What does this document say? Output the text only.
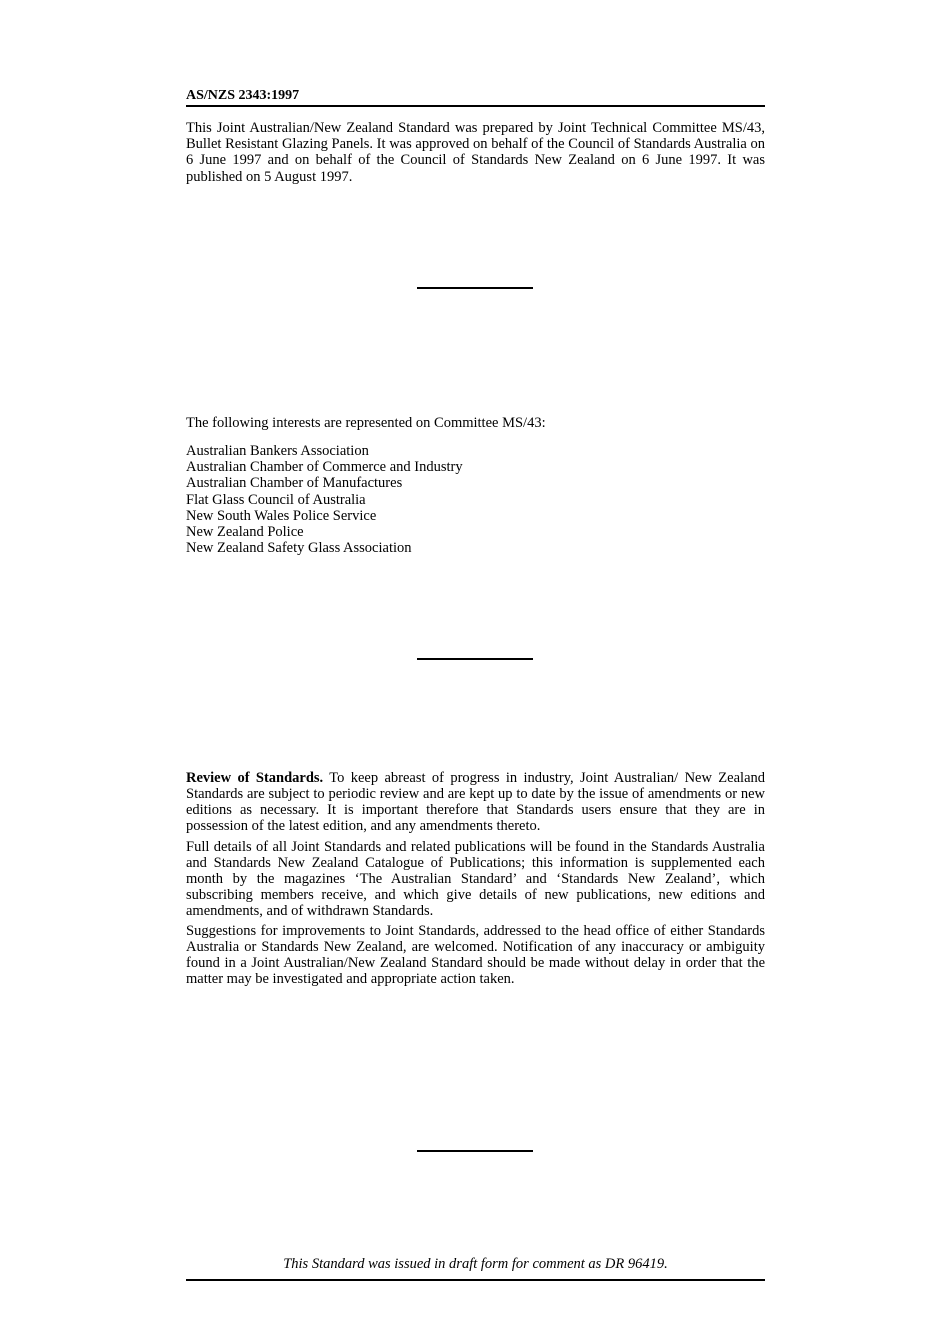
AS/NZS 2343:1997

This Joint Australian/New Zealand Standard was prepared by Joint Technical Committee MS/43, Bullet Resistant Glazing Panels. It was approved on behalf of the Council of Standards Australia on 6 June 1997 and on behalf of the Council of Standards New Zealand on 6 June 1997. It was published on 5 August 1997.

The following interests are represented on Committee MS/43:

Australian Bankers Association
Australian Chamber of Commerce and Industry
Australian Chamber of Manufactures
Flat Glass Council of Australia
New South Wales Police Service
New Zealand Police
New Zealand Safety Glass Association

Review of Standards. To keep abreast of progress in industry, Joint Australian/ New Zealand Standards are subject to periodic review and are kept up to date by the issue of amendments or new editions as necessary. It is important therefore that Standards users ensure that they are in possession of the latest edition, and any amendments thereto.

Full details of all Joint Standards and related publications will be found in the Standards Australia and Standards New Zealand Catalogue of Publications; this information is supplemented each month by the magazines ‘The Australian Standard’ and ‘Standards New Zealand’, which subscribing members receive, and which give details of new publications, new editions and amendments, and of withdrawn Standards.

Suggestions for improvements to Joint Standards, addressed to the head office of either Standards Australia or Standards New Zealand, are welcomed. Notification of any inaccuracy or ambiguity found in a Joint Australian/New Zealand Standard should be made without delay in order that the matter may be investigated and appropriate action taken.

This Standard was issued in draft form for comment as DR 96419.
